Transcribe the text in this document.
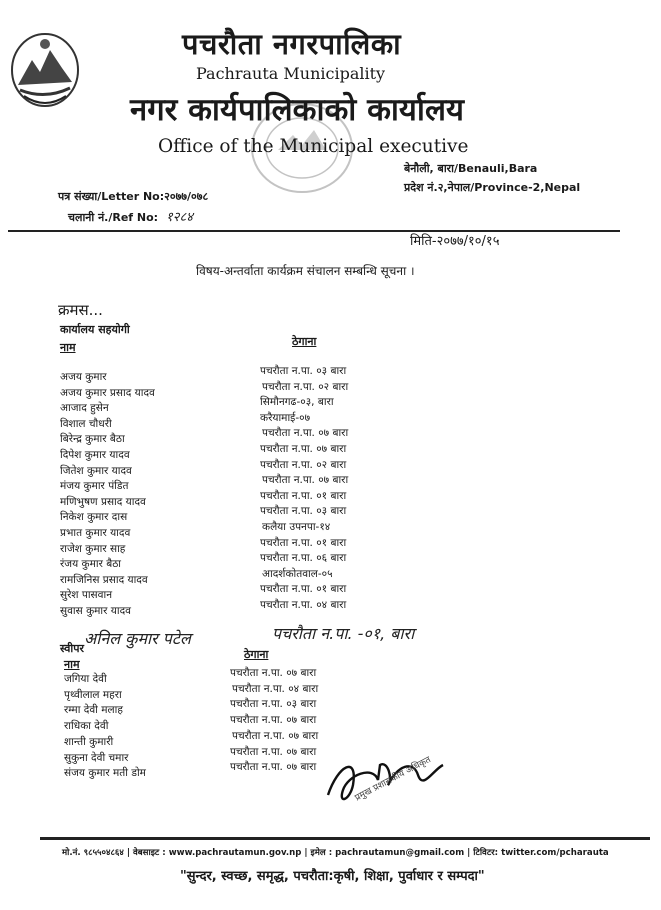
पचरौता नगरपालिका
Pachrauta Municipality
नगर कार्यपालिकाको कार्यालय
Office of the Municipal executive
बेनौली, बारा/Benauli,Bara
प्रदेश नं.२,नेपाल/Province-2,Nepal
पत्र संख्या/Letter No:२०७७/०७८
चलानी नं./Ref No: १२८४
मिति-२०७७/१०/१५
विषय-अन्तर्वाता कार्यक्रम संचालन सम्बन्धि सूचना ।
क्रमस...
कार्यालय सहयोगी
नाम	ठेगाना
अजय कुमार	पचरौता न.पा. ०३ बारा
अजय कुमार प्रसाद यादव	पचरौता न.पा. ०२ बारा
आजाद हुसेन	सिमौनगढ-०३, बारा
विशाल चौधरी	करैयामाई-०७
बिरेन्द्र कुमार बैठा	पचरौता न.पा. ०७ बारा
दिपेश कुमार यादव	पचरौता न.पा. ०७ बारा
जितेश कुमार यादव	पचरौता न.पा. ०२ बारा
मंजय कुमार पंडित	पचरौता न.पा. ०७ बारा
मणिभुषण प्रसाद यादव	पचरौता न.पा. ०१ बारा
निकेश कुमार दास	पचरौता न.पा. ०३ बारा
प्रभात कुमार यादव	कलैया उपनपा-१४
राजेश कुमार साह	पचरौता न.पा. ०१ बारा
रंजय कुमार बैठा	पचरौता न.पा. ०६ बारा
रामजिनिस प्रसाद यादव	आदर्शकोतवाल-०५
सुरेश पासवान	पचरौता न.पा. ०१ बारा
सुवास कुमार यादव	पचरौता न.पा. ०४ बारा
अनिल कुमार पटेल	पचरौता न.पा. -०१, बारा
स्वीपर	ठेगाना
नाम
जगिया देवी	पचरौता न.पा. ०७ बारा
पृथ्वीलाल महरा	पचरौता न.पा. ०४ बारा
रम्मा देवी मलाह	पचरौता न.पा. ०३ बारा
राधिका देवी	पचरौता न.पा. ०७ बारा
शान्ती कुमारी	पचरौता न.पा. ०७ बारा
सुकुना देवी चमार	पचरौता न.पा. ०७ बारा
संजय कुमार मती डोम	पचरौता न.पा. ०७ बारा	प्रमुख प्रशासकीय अधिकृत
मो.नं. ९८५५०४८६४ | वेबसाइट : www.pachrautamun.gov.np | इमेल : pachrautamun@gmail.com | टिविटर: twitter.com/pcharauta
"सुन्दर, स्वच्छ, समृद्ध, पचरौता:कृषी, शिक्षा, पुर्वाधार र सम्पदा"
